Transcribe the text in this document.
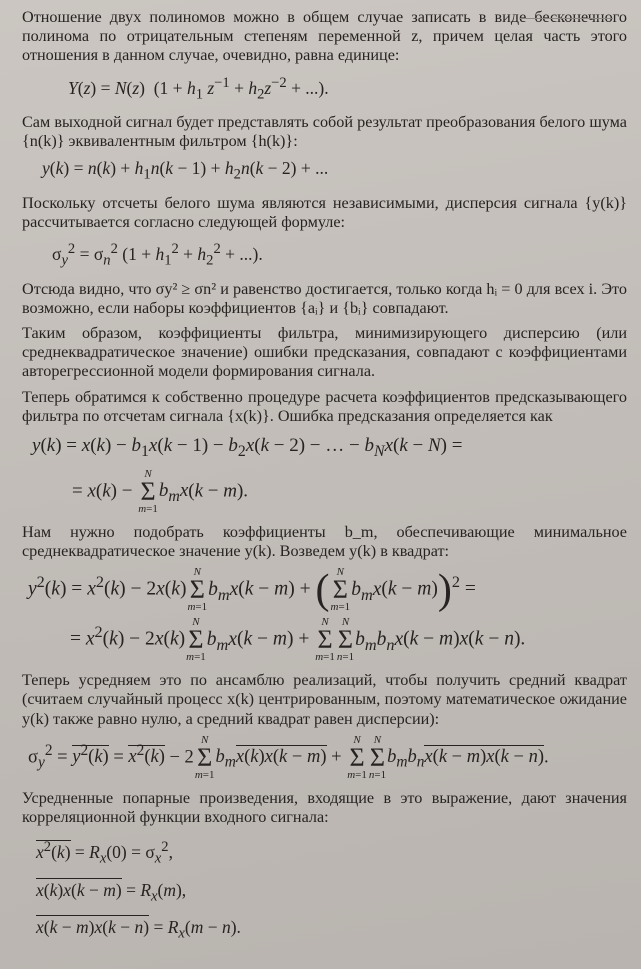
Отношение двух полиномов можно в общем случае записать в виде бесконечного полинома по отрицательным степеням переменной z, причем целая часть этого отношения в данном случае, очевидно, равна единице:

Y(z) = N(z)  ($1 + h_1$ $z^{-1} + h_2z^{-2}$ + ...).

Сам выходной сигнал будет представлять собой результат преобразования белого шума {n(k)} эквивалентным фильтром {h(k)}:

$y(k) = n(k) + h_1n(k - 1) + h_2n(k - 2)$ + ...

Поскольку отсчеты белого шума являются независимыми, дисперсия сигнала {y(k)} рассчитывается согласно следующей формуле:

$\sigma_y^2 = \sigma_n^2$ ($1 + h_1^2 + h_2^2$ + ...).

Отсюда видно, что σy² ≥ σn² и равенство достигается, только когда hᵢ = 0 для всех i. Это возможно, если наборы коэффициентов {aᵢ} и {bᵢ} совпадают.

Таким образом, коэффициенты фильтра, минимизирующего дисперсию (или среднеквадратическое значение) ошибки предсказания, совпадают с коэффициентами авторегрессионной модели формирования сигнала.

Теперь обратимся к собственно процедуре расчета коэффициентов предсказывающего фильтра по отсчетам сигнала {x(k)}. Ошибка предсказания определяется как

$y(k) = x(k) - b_1x(k - 1) - b_2x(k - 2)$ − … − $b_Nx(k - N)$ =
= x(k) −
N
Σ
m=1
$b_mx(k - m)$.

Нам нужно подобрать коэффициенты b_m, обеспечивающие минимальное среднеквадратическое значение y(k). Возведем y(k) в квадрат:

$y^2(k) = x^2(k) - 2x(k)$
N
Σ
m=1
$b_mx(k - m)$ + ( N
Σ
m=1
$b_mx(k - m))^2$ =
= $x^2(k) - 2x(k)$
N
Σ
m=1
$b_mx(k - m)$ +
N
Σ
m=1
N
Σ
n=1
$b_mb_nx(k - m)x(k - n)$.

Теперь усредняем это по ансамблю реализаций, чтобы получить средний квадрат (считаем случайный процесс x(k) центрированным, поэтому математическое ожидание y(k) также равно нулю, а средний квадрат равен дисперсии):

$\sigma_y^2 = y^2(k) = x^2(k) - 2$
N
Σ
m=1
$b_mx(k)x(k - m)$ +
N
Σ
m=1
N
Σ
n=1
$b_mb_nx(k - m)x(k - n)$.

Усредненные попарные произведения, входящие в это выражение, дают значения корреляционной функции входного сигнала:

$x^2(k) = R_x(0) = \sigma_x^2$,
$x(k)x(k - m) = R_x(m)$,
$x(k - m)x(k - n) = R_x(m - n)$.
